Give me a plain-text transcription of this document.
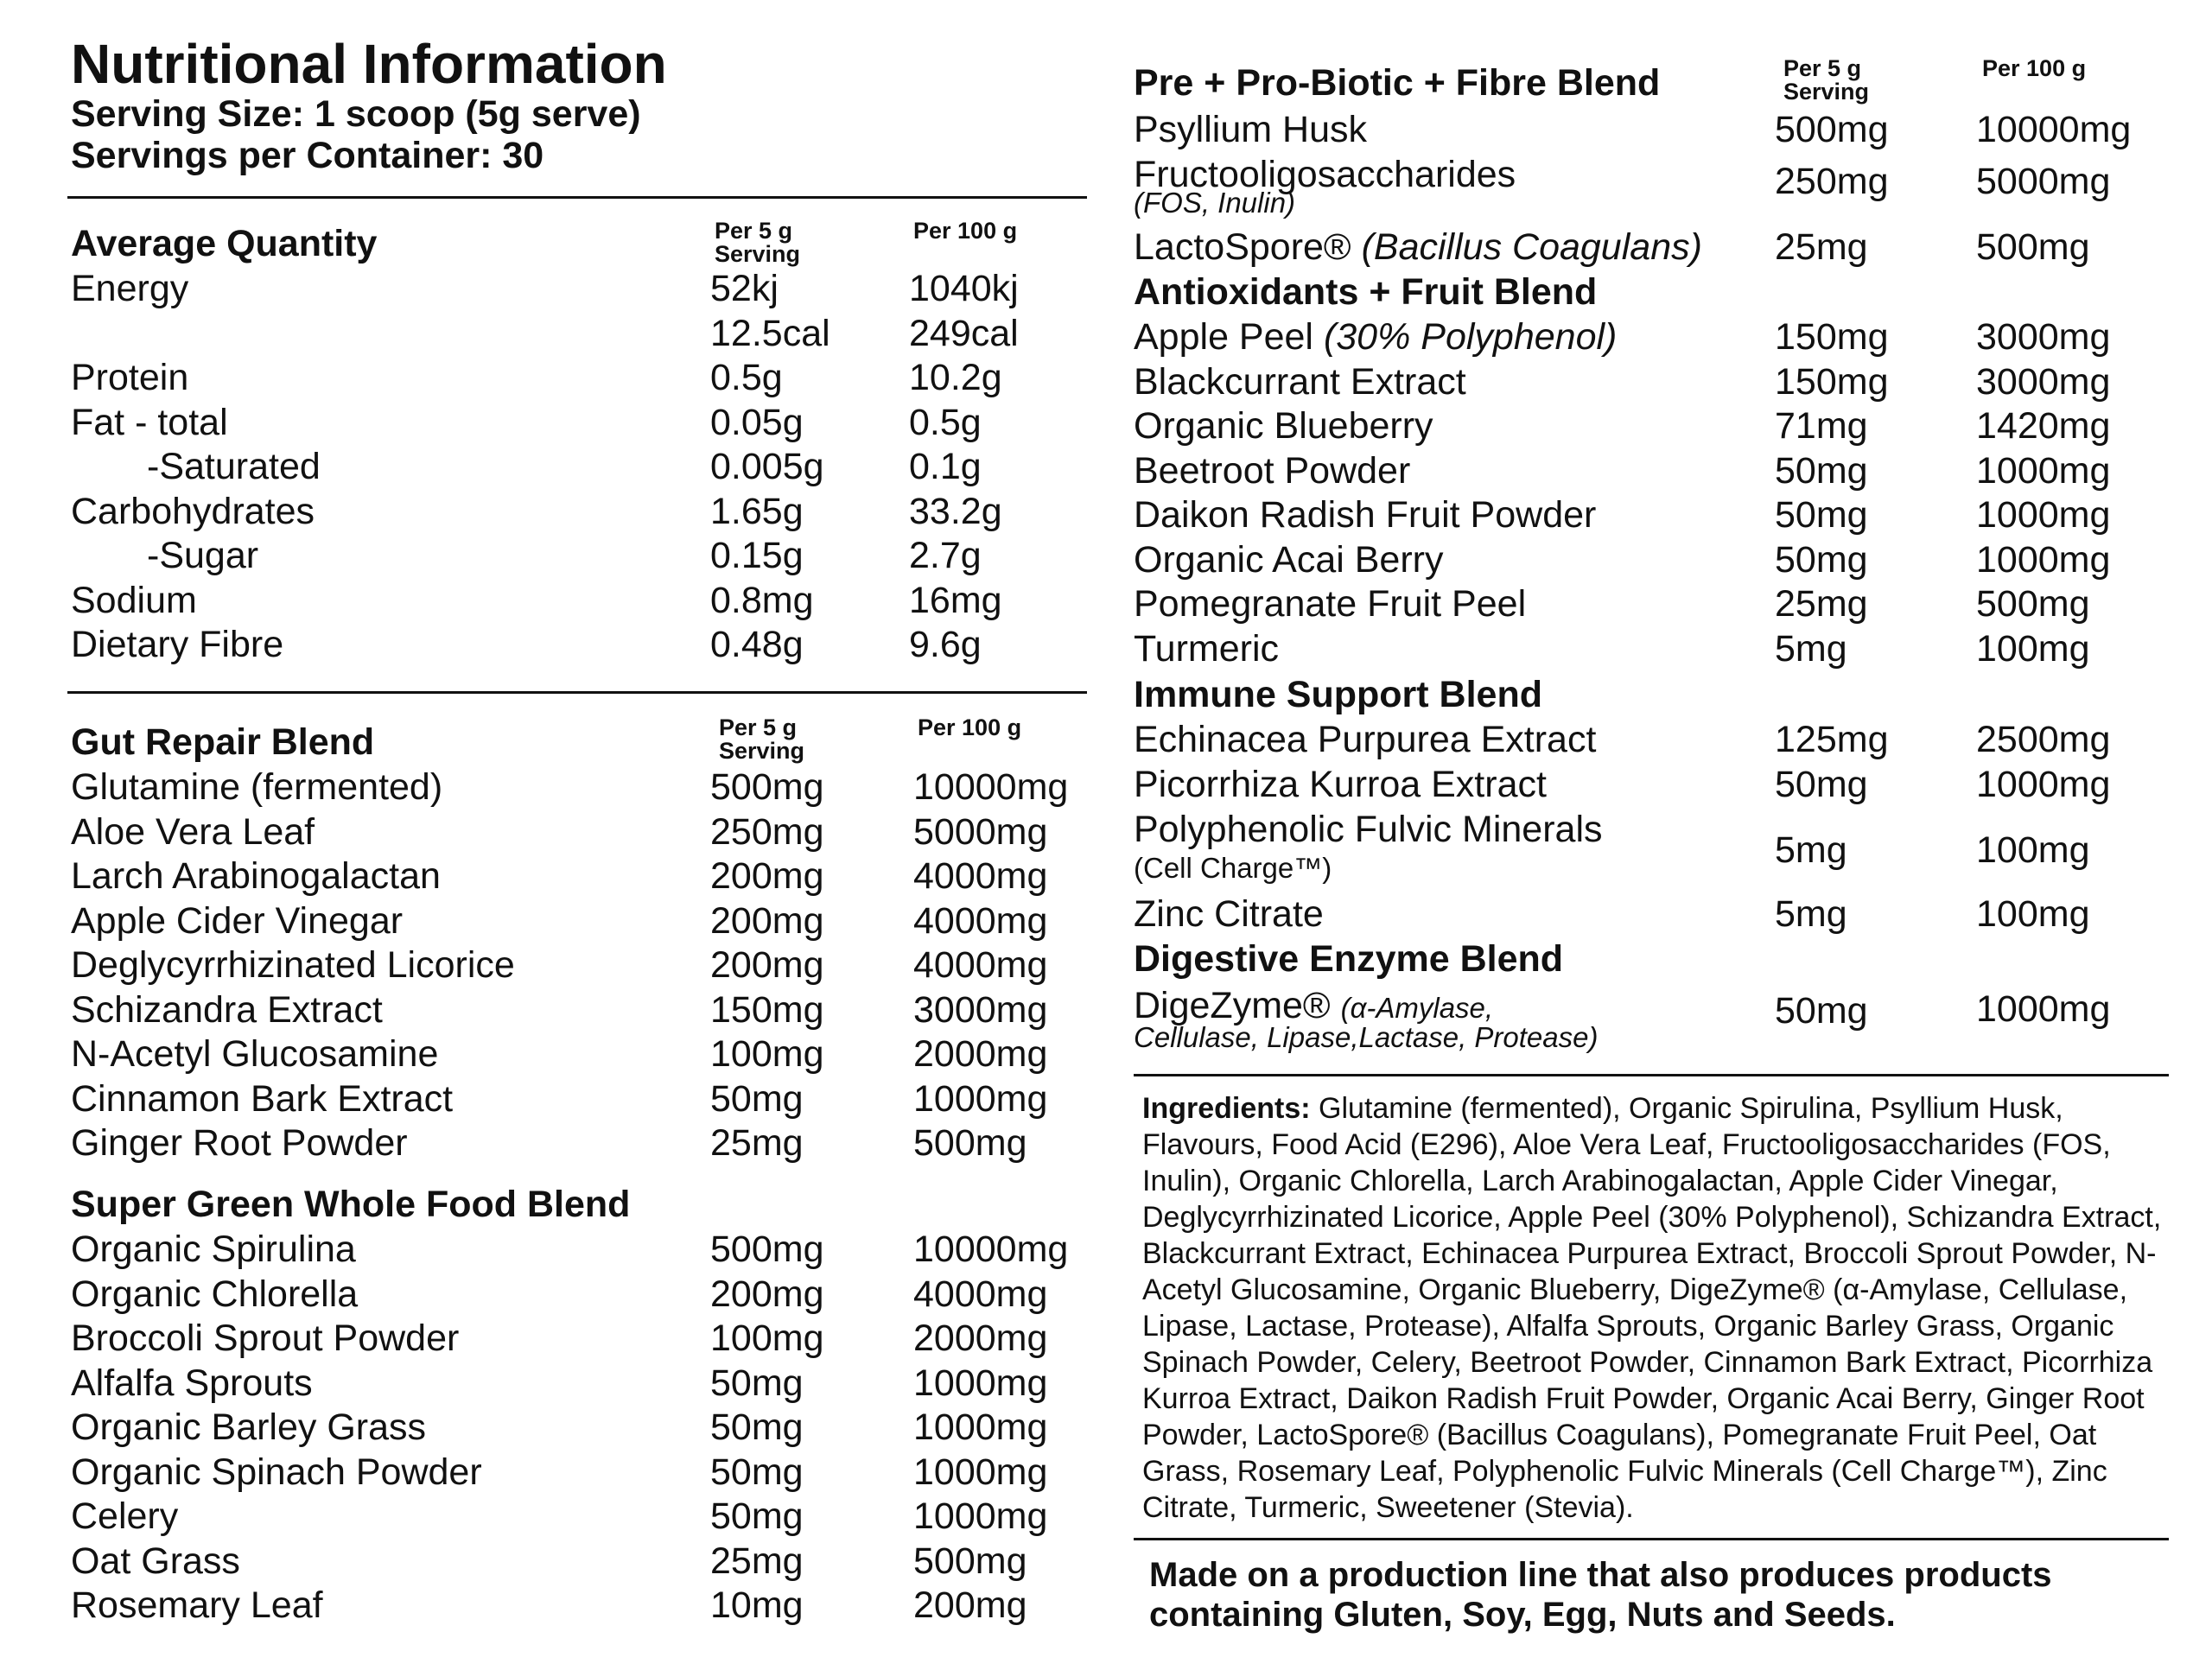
Nutritional Information
Serving Size: 1 scoop (5g serve)
Servings per Container: 30
Per 5 g
Serving
Per 100 g
Average Quantity
Energy	52kj	1040kj
12.5cal 249cal
Protein	0.5g	10.2g
Fat - total	0.05g	0.5g
-Saturated	0.005g 0.1g
Carbohydrates	1.65g	33.2g
-Sugar	0.15g	2.7g
Sodium	0.8mg	16mg
Dietary Fibre	0.48g	9.6g
Per 5 g
Serving
Per 100 g
Gut Repair Blend
Glutamine (fermented)	500mg 10000mg
Aloe Vera Leaf	250mg 5000mg
Larch Arabinogalactan	200mg 4000mg
Apple Cider Vinegar	200mg 4000mg
Deglycyrrhizinated Licorice	200mg 4000mg
Schizandra Extract	150mg 3000mg
N-Acetyl Glucosamine	100mg 2000mg
Cinnamon Bark Extract	50mg	1000mg
Ginger Root Powder	25mg	500mg
Super Green Whole Food Blend
Organic Spirulina	500mg 10000mg
Organic Chlorella	200mg 4000mg
Broccoli Sprout Powder	100mg 2000mg
Alfalfa Sprouts	50mg	1000mg
Organic Barley Grass	50mg	1000mg
Organic Spinach Powder	50mg	1000mg
Celery	50mg	1000mg
Oat Grass	25mg	500mg
Rosemary Leaf	10mg	200mg
Per 5 g
Serving
Per 100 g
Pre + Pro-Biotic + Fibre Blend
Psyllium Husk	500mg 10000mg
Fructooligosaccharides
(FOS, Inulin)
250mg 5000mg
LactoSpore® (Bacillus Coagulans) 25mg	500mg
Antioxidants + Fruit Blend
Apple Peel (30% Polyphenol)	150mg 3000mg
Blackcurrant Extract	150mg 3000mg
Organic Blueberry	71mg	1420mg
Beetroot Powder	50mg	1000mg
Daikon Radish Fruit Powder	50mg	1000mg
Organic Acai Berry	50mg	1000mg
Pomegranate Fruit Peel	25mg	500mg
Turmeric	5mg	100mg
Immune Support Blend
Echinacea Purpurea Extract	125mg 2500mg
Picorrhiza Kurroa Extract	50mg	1000mg
Polyphenolic Fulvic Minerals
(Cell Charge™)	5mg	100mg
Zinc Citrate	5mg	100mg
Digestive Enzyme Blend
DigeZyme® (α-Amylase,
Cellulase, Lipase,Lactase, Protease)
50mg	1000mg
Ingredients: Glutamine (fermented), Organic Spirulina, Psyllium Husk, Flavours, Food Acid (E296), Aloe Vera Leaf, Fructooligosaccharides (FOS, Inulin), Organic Chlorella, Larch Arabinogalactan, Apple Cider Vinegar, Deglycyrrhizinated Licorice, Apple Peel (30% Polyphenol), Schizandra Extract, Blackcurrant Extract, Echinacea Purpurea Extract, Broccoli Sprout Powder, N-Acetyl Glucosamine, Organic Blueberry, DigeZyme® (α-Amylase, Cellulase, Lipase, Lactase, Protease), Alfalfa Sprouts, Organic Barley Grass, Organic Spinach Powder, Celery, Beetroot Powder, Cinnamon Bark Extract, Picorrhiza Kurroa Extract, Daikon Radish Fruit Powder, Organic Acai Berry, Ginger Root Powder, LactoSpore® (Bacillus Coagulans), Pomegranate Fruit Peel, Oat Grass, Rosemary Leaf, Polyphenolic Fulvic Minerals (Cell Charge™), Zinc Citrate, Turmeric, Sweetener (Stevia).
Made on a production line that also produces products containing Gluten, Soy, Egg, Nuts and Seeds.
